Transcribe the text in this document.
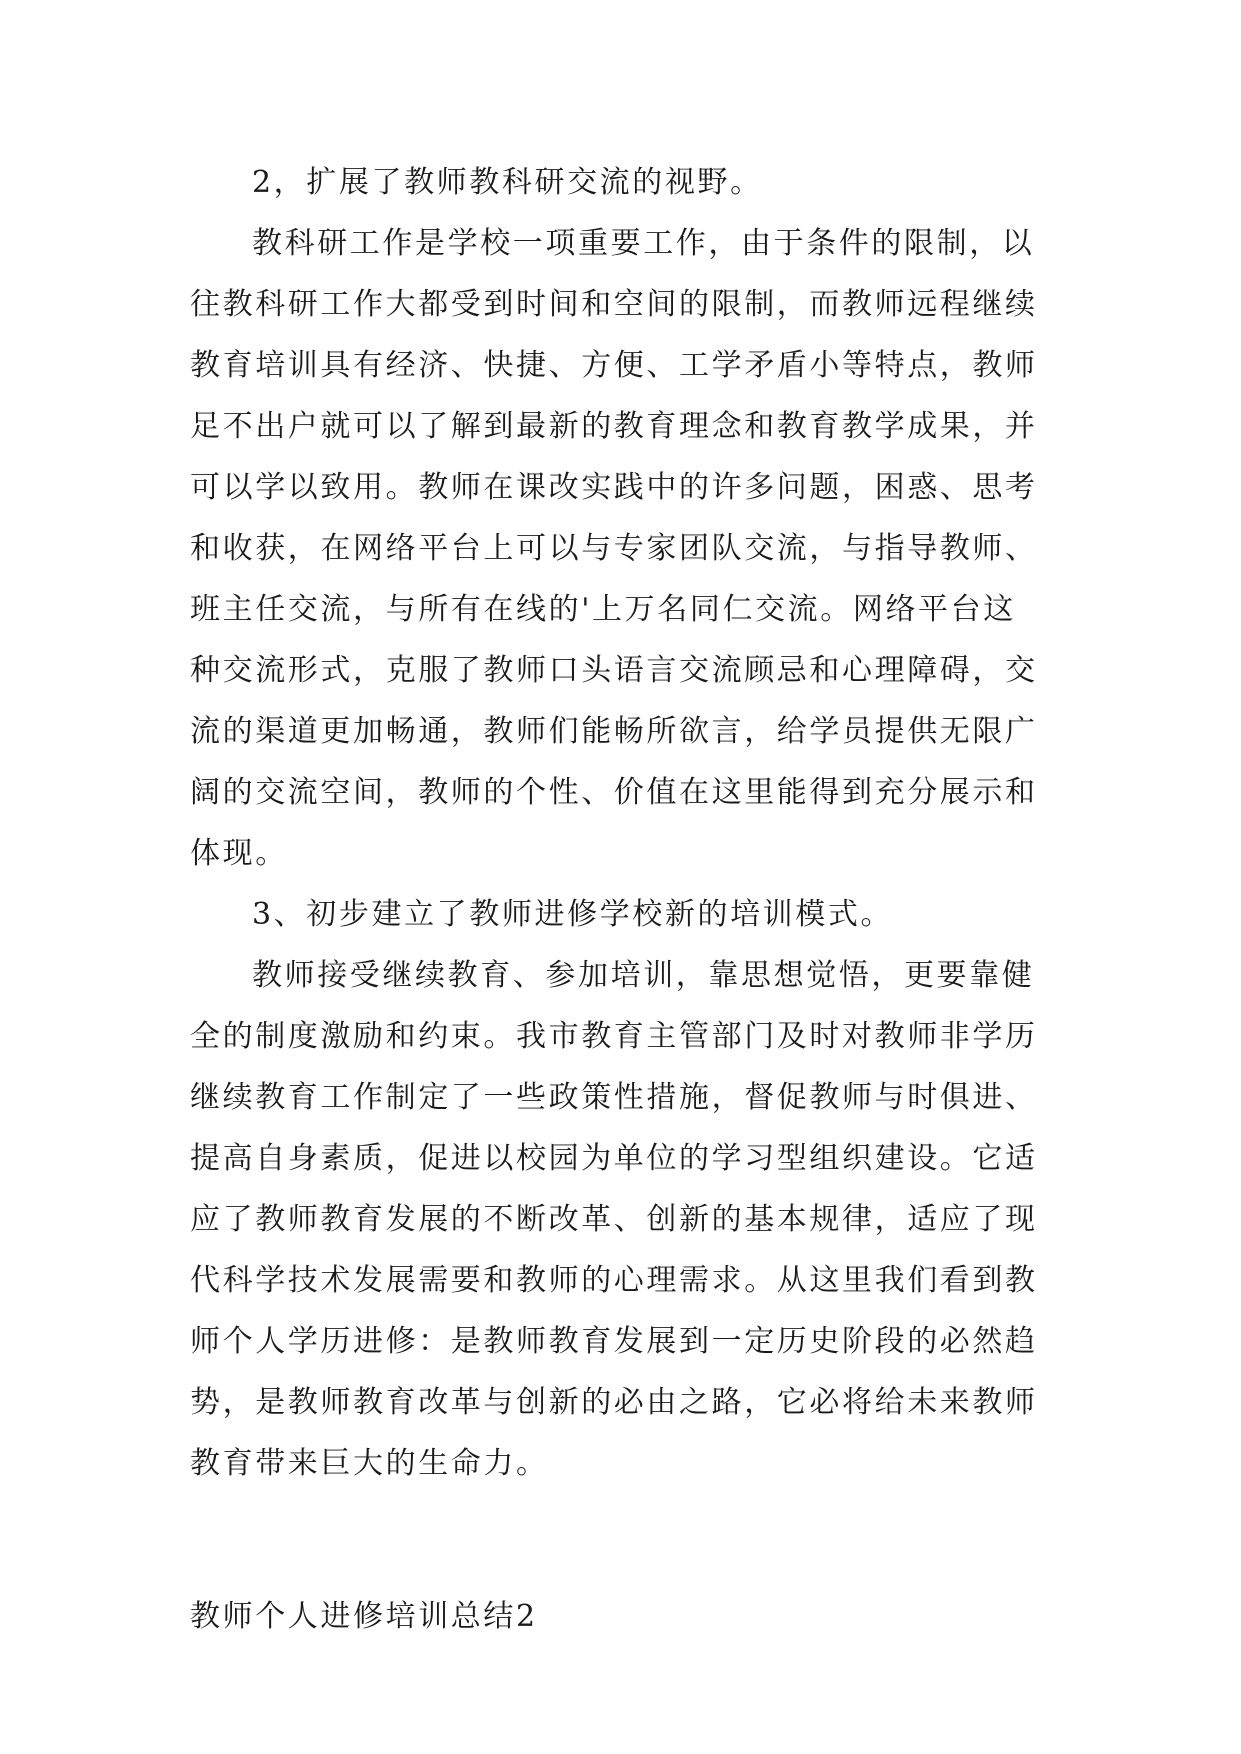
2，扩展了教师教科研交流的视野。
教科研工作是学校一项重要工作，由于条件的限制，以
往教科研工作大都受到时间和空间的限制，而教师远程继续
教育培训具有经济、快捷、方便、工学矛盾小等特点，教师
足不出户就可以了解到最新的教育理念和教育教学成果，并
可以学以致用。教师在课改实践中的许多问题，困惑、思考
和收获，在网络平台上可以与专家团队交流，与指导教师、
班主任交流，与所有在线的'上万名同仁交流。网络平台这
种交流形式，克服了教师口头语言交流顾忌和心理障碍，交
流的渠道更加畅通，教师们能畅所欲言，给学员提供无限广
阔的交流空间，教师的个性、价值在这里能得到充分展示和
体现。
3、初步建立了教师进修学校新的培训模式。
教师接受继续教育、参加培训，靠思想觉悟，更要靠健
全的制度激励和约束。我市教育主管部门及时对教师非学历
继续教育工作制定了一些政策性措施，督促教师与时俱进、
提高自身素质，促进以校园为单位的学习型组织建设。它适
应了教师教育发展的不断改革、创新的基本规律，适应了现
代科学技术发展需要和教师的心理需求。从这里我们看到教
师个人学历进修：是教师教育发展到一定历史阶段的必然趋
势，是教师教育改革与创新的必由之路，它必将给未来教师
教育带来巨大的生命力。
教师个人进修培训总结2
